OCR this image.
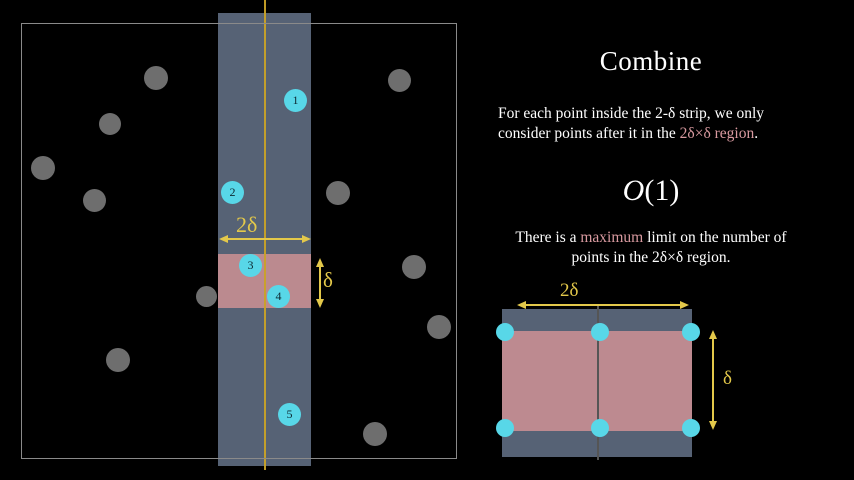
1
2
3
4
5
2δ
δ
Combine
For each point inside the 2-δ strip, we only consider points after it in the 2δ×δ region.
O(1)
There is a maximum limit on the number of points in the 2δ×δ region.
2δ
δ
